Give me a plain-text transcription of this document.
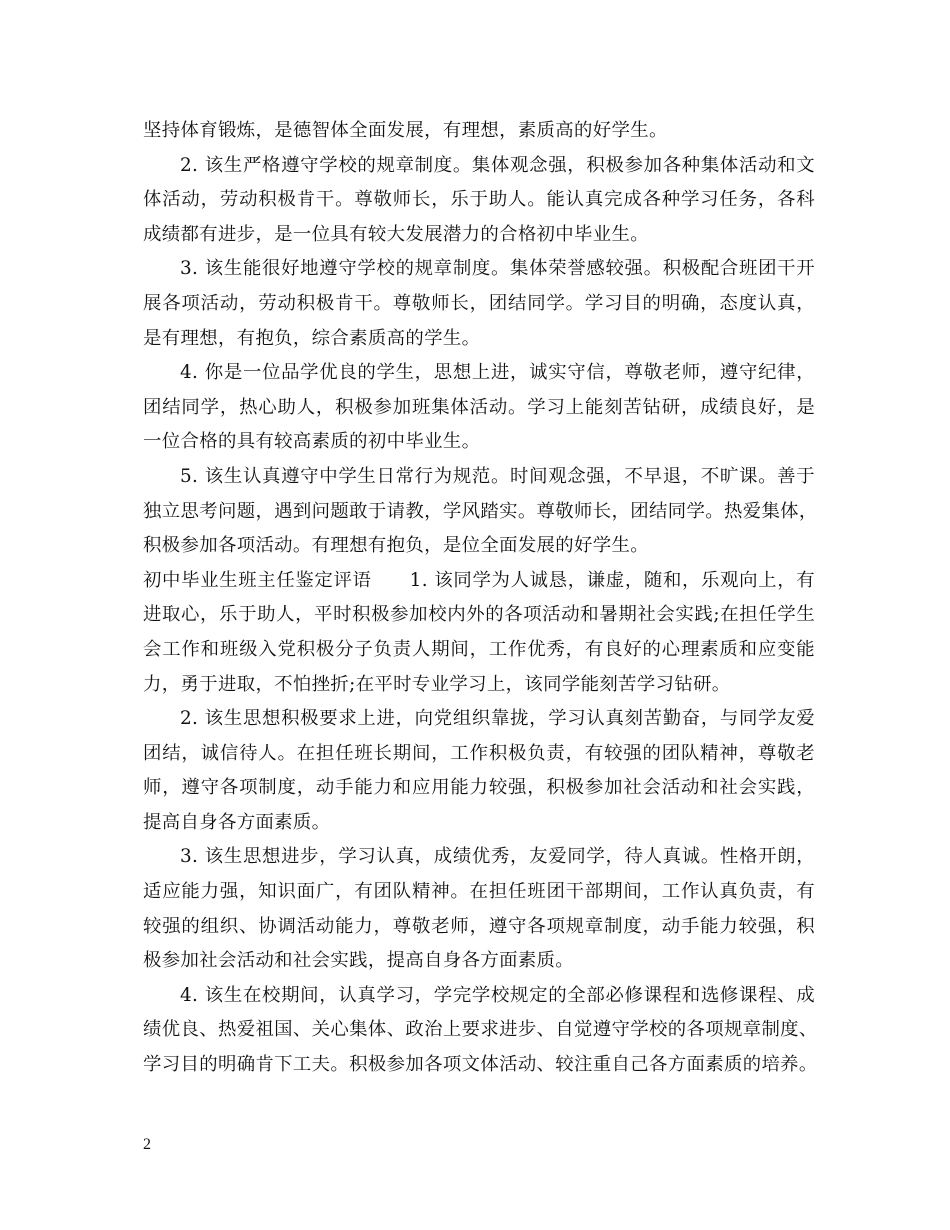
坚持体育锻炼，是德智体全面发展，有理想，素质高的好学生。
2. 该生严格遵守学校的规章制度。集体观念强，积极参加各种集体活动和文
体活动，劳动积极肯干。尊敬师长，乐于助人。能认真完成各种学习任务，各科
成绩都有进步，是一位具有较大发展潜力的合格初中毕业生。
3. 该生能很好地遵守学校的规章制度。集体荣誉感较强。积极配合班团干开
展各项活动，劳动积极肯干。尊敬师长，团结同学。学习目的明确，态度认真，
是有理想，有抱负，综合素质高的学生。
4. 你是一位品学优良的学生，思想上进，诚实守信，尊敬老师，遵守纪律，
团结同学，热心助人，积极参加班集体活动。学习上能刻苦钻研，成绩良好，是
一位合格的具有较高素质的初中毕业生。
5. 该生认真遵守中学生日常行为规范。时间观念强，不早退，不旷课。善于
独立思考问题，遇到问题敢于请教，学风踏实。尊敬师长，团结同学。热爱集体，
积极参加各项活动。有理想有抱负，是位全面发展的好学生。
初中毕业生班主任鉴定评语　　1. 该同学为人诚恳，谦虚，随和，乐观向上，有
进取心，乐于助人，平时积极参加校内外的各项活动和暑期社会实践;在担任学生
会工作和班级入党积极分子负责人期间，工作优秀，有良好的心理素质和应变能
力，勇于进取，不怕挫折;在平时专业学习上，该同学能刻苦学习钻研。
2. 该生思想积极要求上进，向党组织靠拢，学习认真刻苦勤奋，与同学友爱
团结，诚信待人。在担任班长期间，工作积极负责，有较强的团队精神，尊敬老
师，遵守各项制度，动手能力和应用能力较强，积极参加社会活动和社会实践，
提高自身各方面素质。
3. 该生思想进步，学习认真，成绩优秀，友爱同学，待人真诚。性格开朗，
适应能力强，知识面广，有团队精神。在担任班团干部期间，工作认真负责，有
较强的组织、协调活动能力，尊敬老师，遵守各项规章制度，动手能力较强，积
极参加社会活动和社会实践，提高自身各方面素质。
4. 该生在校期间，认真学习，学完学校规定的全部必修课程和选修课程、成
绩优良、热爱祖国、关心集体、政治上要求进步、自觉遵守学校的各项规章制度、
学习目的明确肯下工夫。积极参加各项文体活动、较注重自己各方面素质的培养。
2
